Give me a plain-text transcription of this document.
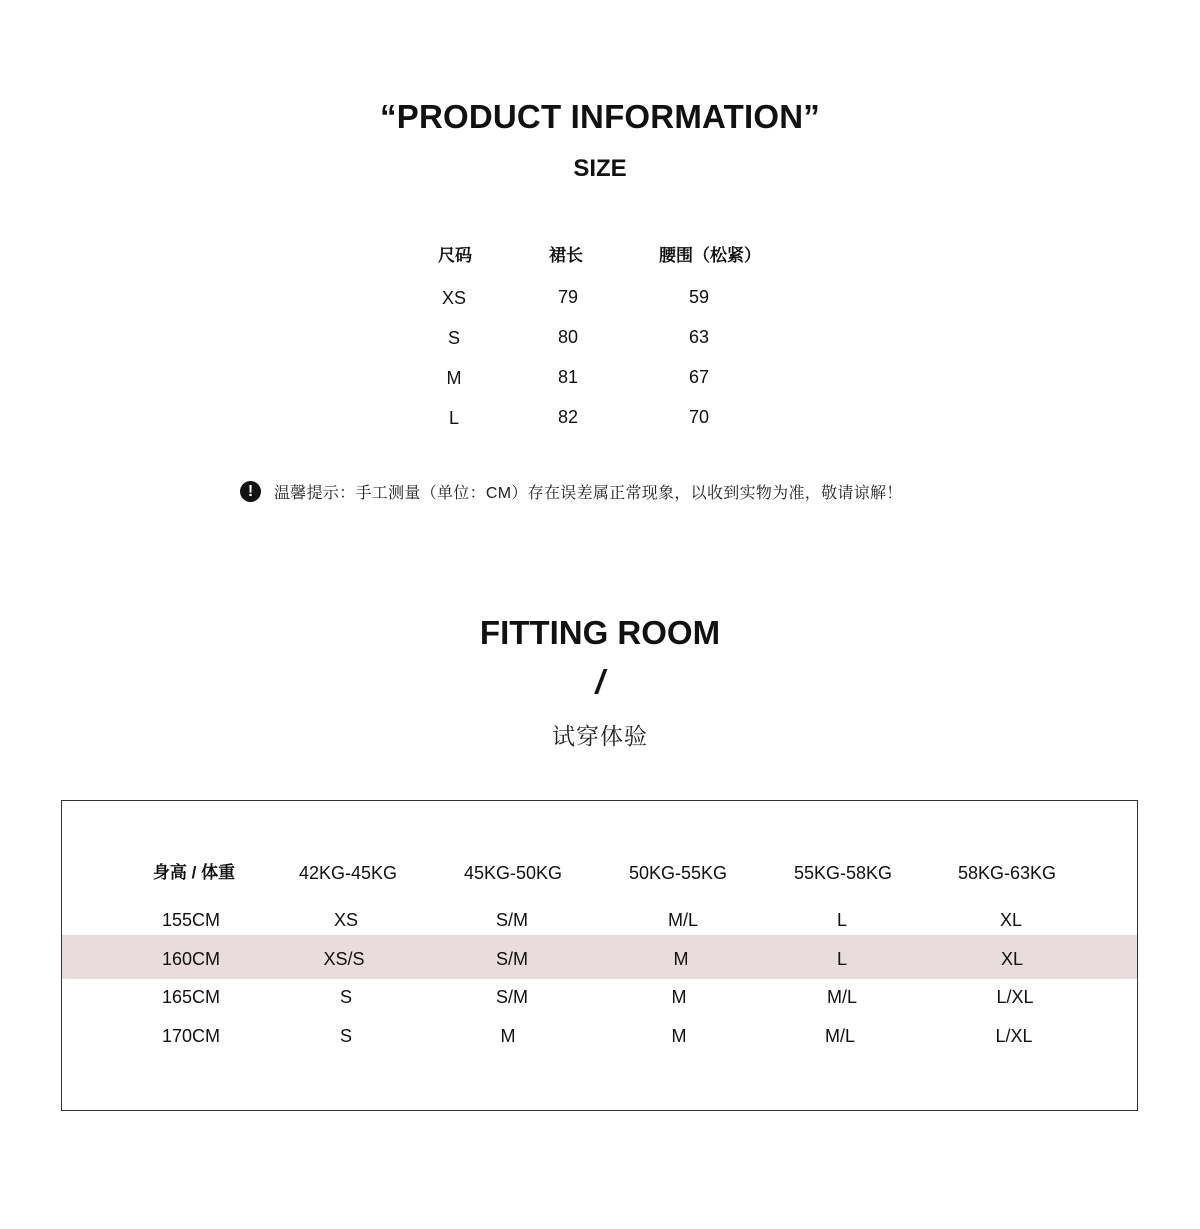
“PRODUCT INFORMATION”
SIZE
尺码	裙长	腰围（松紧）
XS	79	59
S	80	63
M	81	67
L	82	70
!	温馨提示：手工测量（单位：CM）存在误差属正常现象，以收到实物为准，敬请谅解！
FITTING ROOM
/
试穿体验
身高 / 体重	42KG-45KG	45KG-50KG	50KG-55KG	55KG-58KG	58KG-63KG
155CM	XS	S/M	M/L	L	XL
160CM	XS/S	S/M	M	L	XL
165CM	S	S/M	M	M/L	L/XL
170CM	S	M	M	M/L	L/XL
